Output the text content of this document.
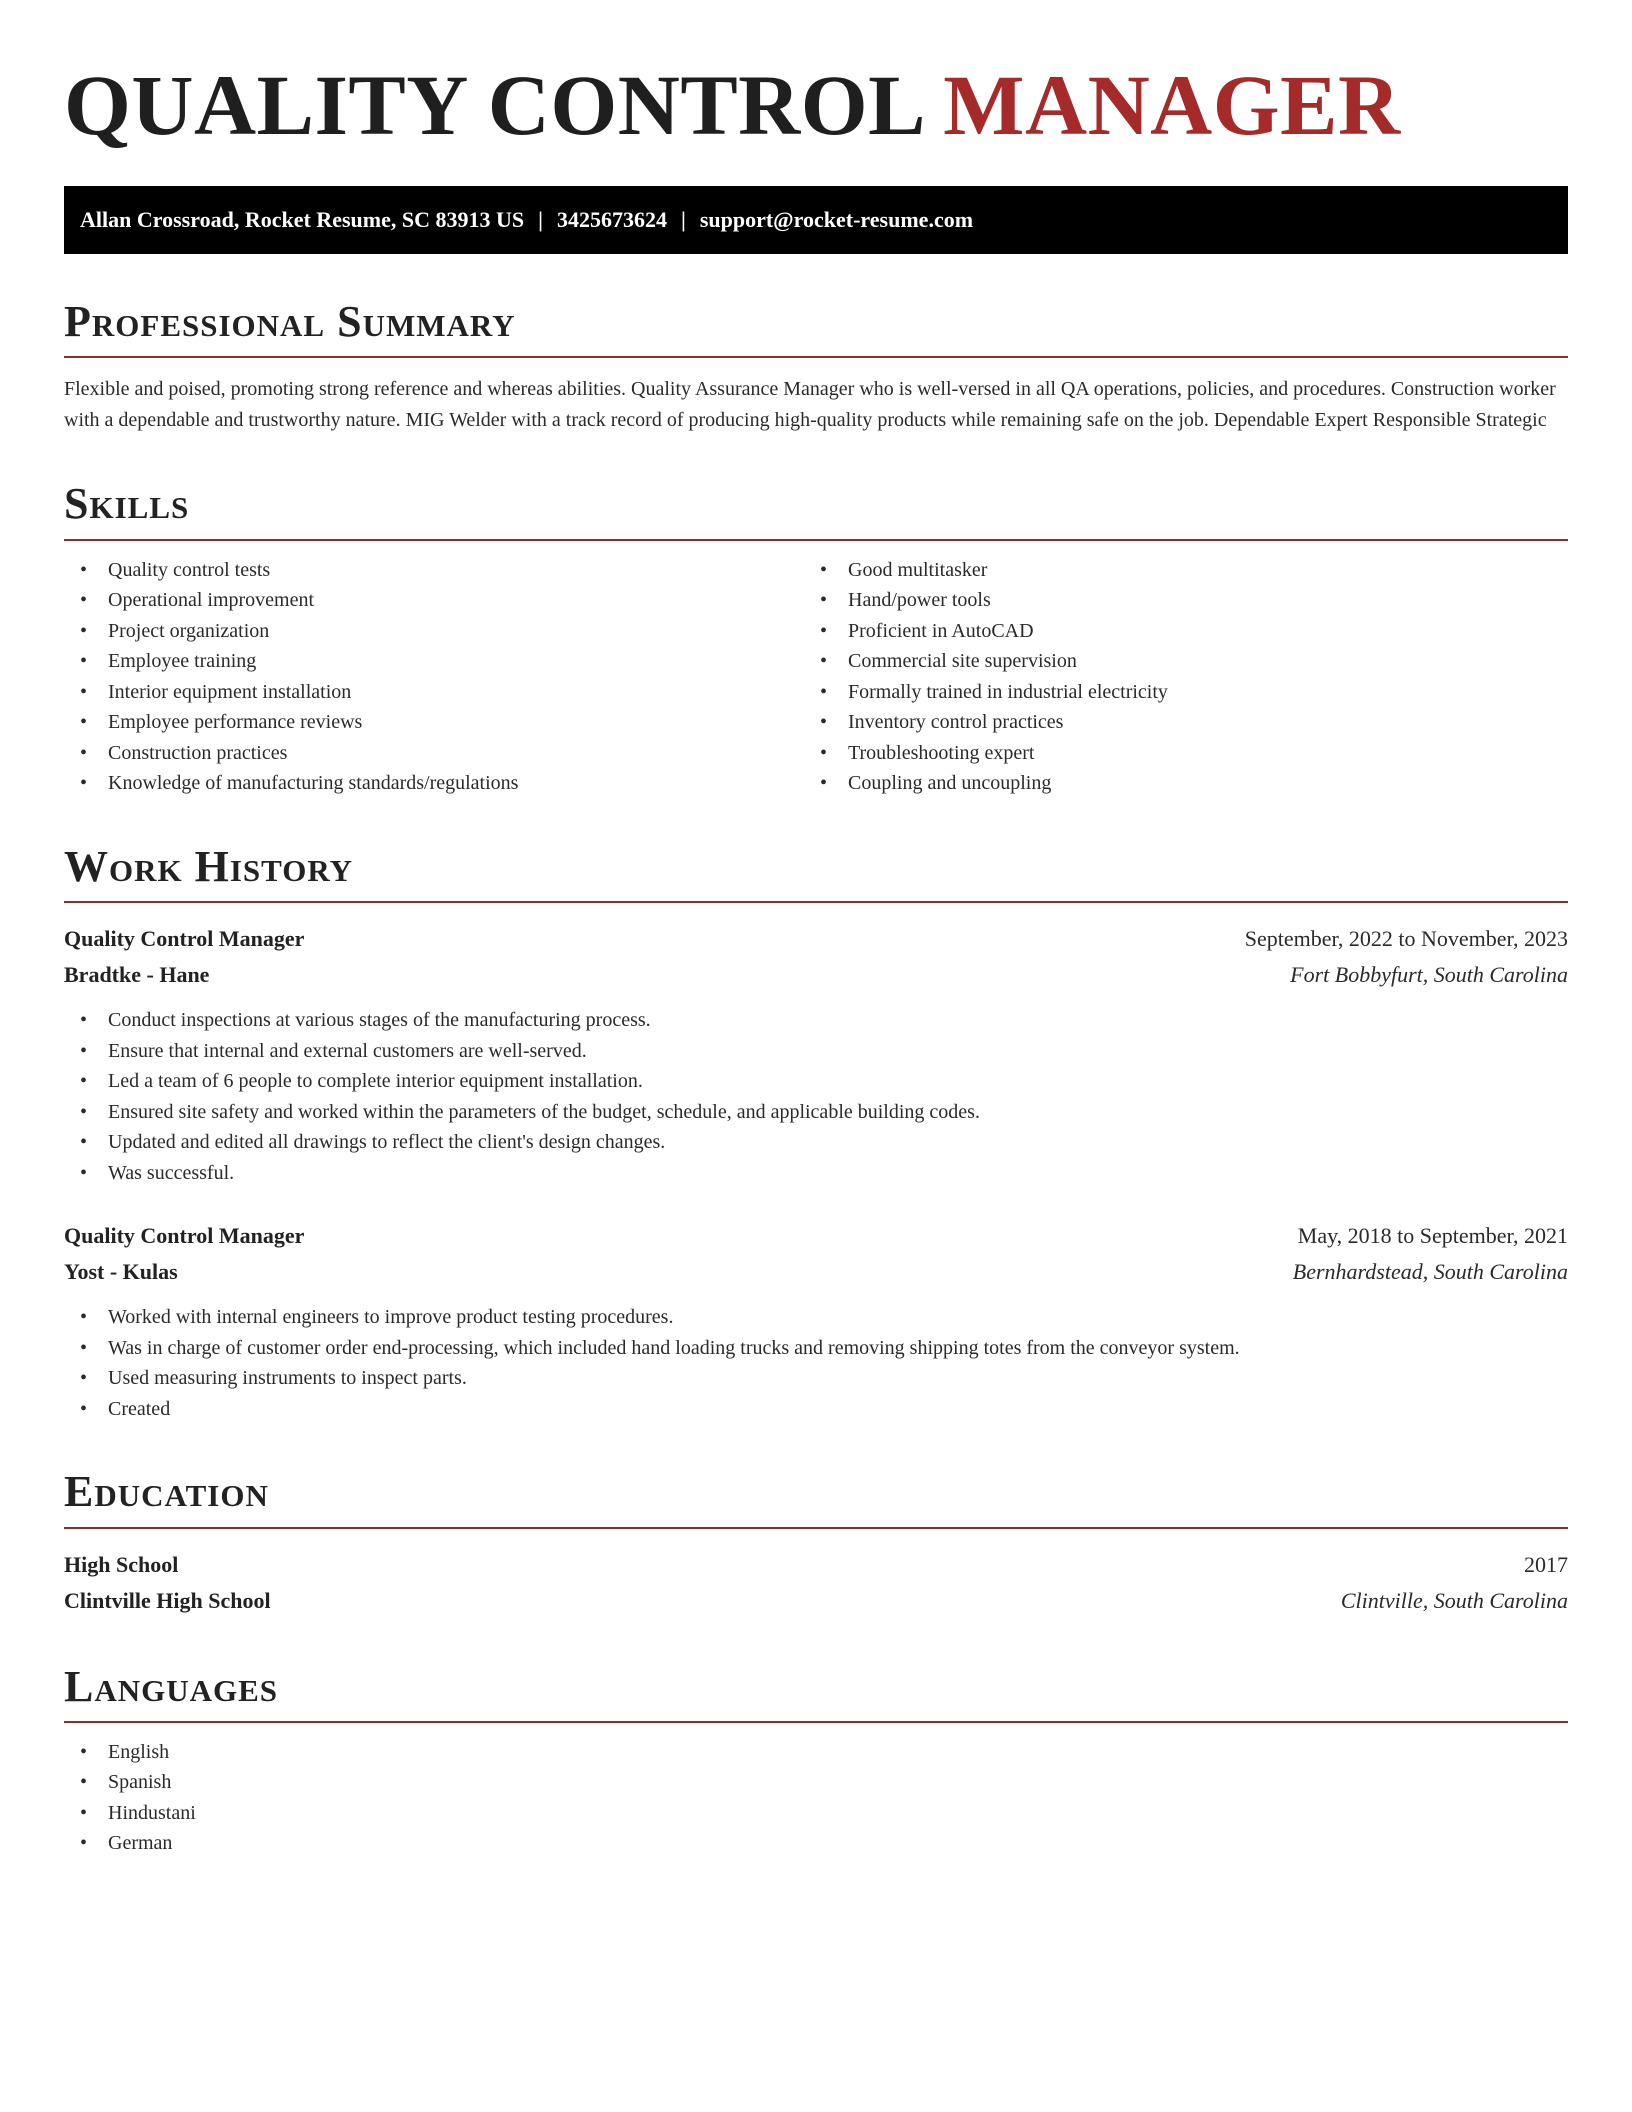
QUALITY CONTROL MANAGER
Allan Crossroad, Rocket Resume, SC 83913 US | 3425673624 | support@rocket-resume.com
Professional Summary

Flexible and poised, promoting strong reference and whereas abilities. Quality Assurance Manager who is well-versed in all QA operations, policies, and procedures. Construction worker with a dependable and trustworthy nature. MIG Welder with a track record of producing high-quality products while remaining safe on the job. Dependable Expert Responsible Strategic

Skills
• Quality control tests
• Operational improvement
• Project organization
• Employee training
• Interior equipment installation
• Employee performance reviews
• Construction practices
• Knowledge of manufacturing standards/regulations
• Good multitasker
• Hand/power tools
• Proficient in AutoCAD
• Commercial site supervision
• Formally trained in industrial electricity
• Inventory control practices
• Troubleshooting expert
• Coupling and uncoupling
Work History
Quality Control Manager	September, 2022 to November, 2023
Bradtke - Hane	Fort Bobbyfurt, South Carolina
• Conduct inspections at various stages of the manufacturing process.
• Ensure that internal and external customers are well-served.
• Led a team of 6 people to complete interior equipment installation.
• Ensured site safety and worked within the parameters of the budget, schedule, and applicable building codes.
• Updated and edited all drawings to reflect the client's design changes.
• Was successful.
Quality Control Manager	May, 2018 to September, 2021
Yost - Kulas	Bernhardstead, South Carolina
• Worked with internal engineers to improve product testing procedures.
• Was in charge of customer order end-processing, which included hand loading trucks and removing shipping totes from the conveyor system.
• Used measuring instruments to inspect parts.
• Created
Education
High School	2017
Clintville High School	Clintville, South Carolina
Languages
• English
• Spanish
• Hindustani
• German
